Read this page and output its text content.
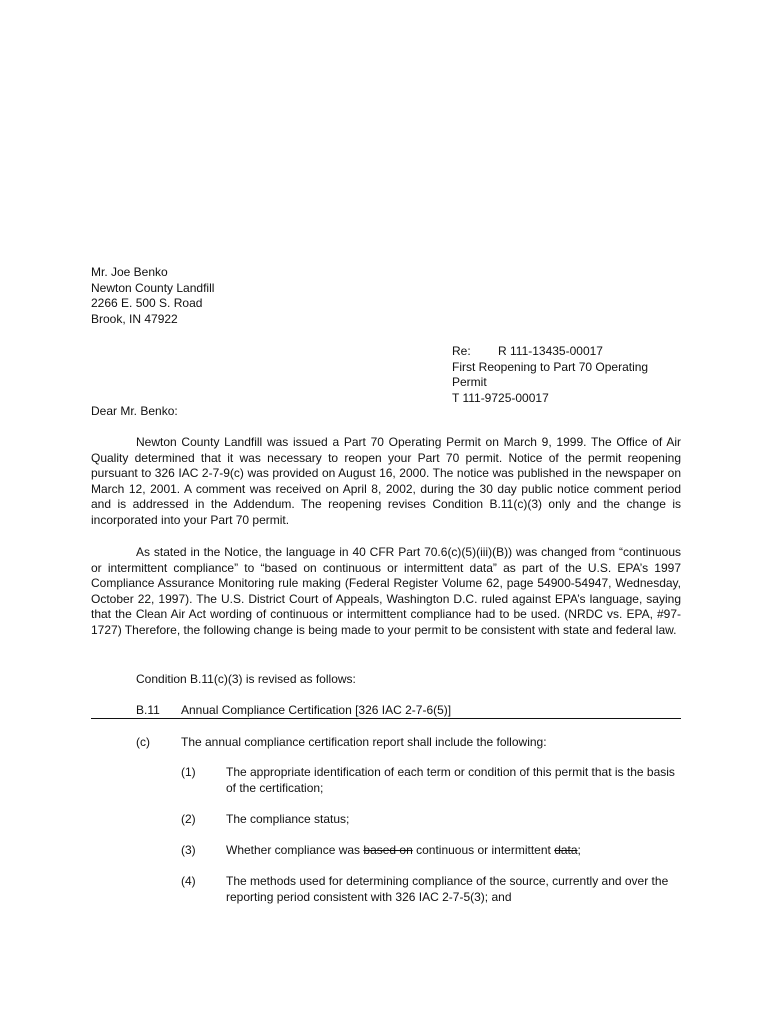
Mr. Joe Benko
Newton County Landfill
2266 E. 500 S. Road
Brook, IN 47922
Re:	R 111-13435-00017
First Reopening to Part 70 Operating
Permit
T 111-9725-00017
Dear Mr. Benko:
Newton County Landfill was issued a Part 70 Operating Permit on March 9, 1999. The Office of Air Quality determined that it was necessary to reopen your Part 70 permit. Notice of the permit reopening pursuant to 326 IAC 2-7-9(c) was provided on August 16, 2000. The notice was published in the newspaper on March 12, 2001. A comment was received on April 8, 2002, during the 30 day public notice comment period and is addressed in the Addendum. The reopening revises Condition B.11(c)(3) only and the change is incorporated into your Part 70 permit.
As stated in the Notice, the language in 40 CFR Part 70.6(c)(5)(iii)(B)) was changed from “continuous or intermittent compliance” to “based on continuous or intermittent data” as part of the U.S. EPA’s 1997 Compliance Assurance Monitoring rule making (Federal Register Volume 62, page 54900-54947, Wednesday, October 22, 1997). The U.S. District Court of Appeals, Washington D.C. ruled against EPA’s language, saying that the Clean Air Act wording of continuous or intermittent compliance had to be used. (NRDC vs. EPA, #97-1727) Therefore, the following change is being made to your permit to be consistent with state and federal law.
Condition B.11(c)(3) is revised as follows:
B.11 Annual Compliance Certification [326 IAC 2-7-6(5)]
(c)	The annual compliance certification report shall include the following:
(1)	The appropriate identification of each term or condition of this permit that is the basis of the certification;
(2)	The compliance status;
(3)	Whether compliance was based on continuous or intermittent data;
(4)	The methods used for determining compliance of the source, currently and over the reporting period consistent with 326 IAC 2-7-5(3); and
